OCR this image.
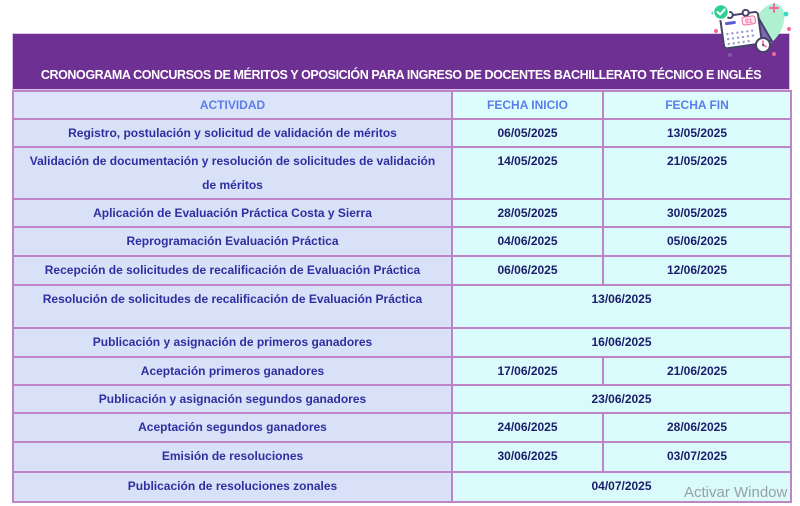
01
CRONOGRAMA CONCURSOS DE MÉRITOS Y OPOSICIÓN PARA INGRESO DE DOCENTES BACHILLERATO TÉCNICO E INGLÉS
ACTIVIDAD	FECHA INICIO	FECHA FIN
Registro, postulación y solicitud de validación de méritos	06/05/2025	13/05/2025
Validación de documentación y resolución de solicitudes de validación de méritos	14/05/2025	21/05/2025
Aplicación de Evaluación Práctica Costa y Sierra	28/05/2025	30/05/2025
Reprogramación Evaluación Práctica	04/06/2025	05/06/2025
Recepción de solicitudes de recalificación de Evaluación Práctica	06/06/2025	12/06/2025
Resolución de solicitudes de recalificación de Evaluación Práctica	13/06/2025	
Publicación y asignación de primeros ganadores	16/06/2025	
Aceptación primeros ganadores	17/06/2025	21/06/2025
Publicación y asignación segundos ganadores	23/06/2025	
Aceptación segundos ganadores	24/06/2025	28/06/2025
Emisión de resoluciones	30/06/2025	03/07/2025
Publicación de resoluciones zonales	04/07/2025	Activar Window
